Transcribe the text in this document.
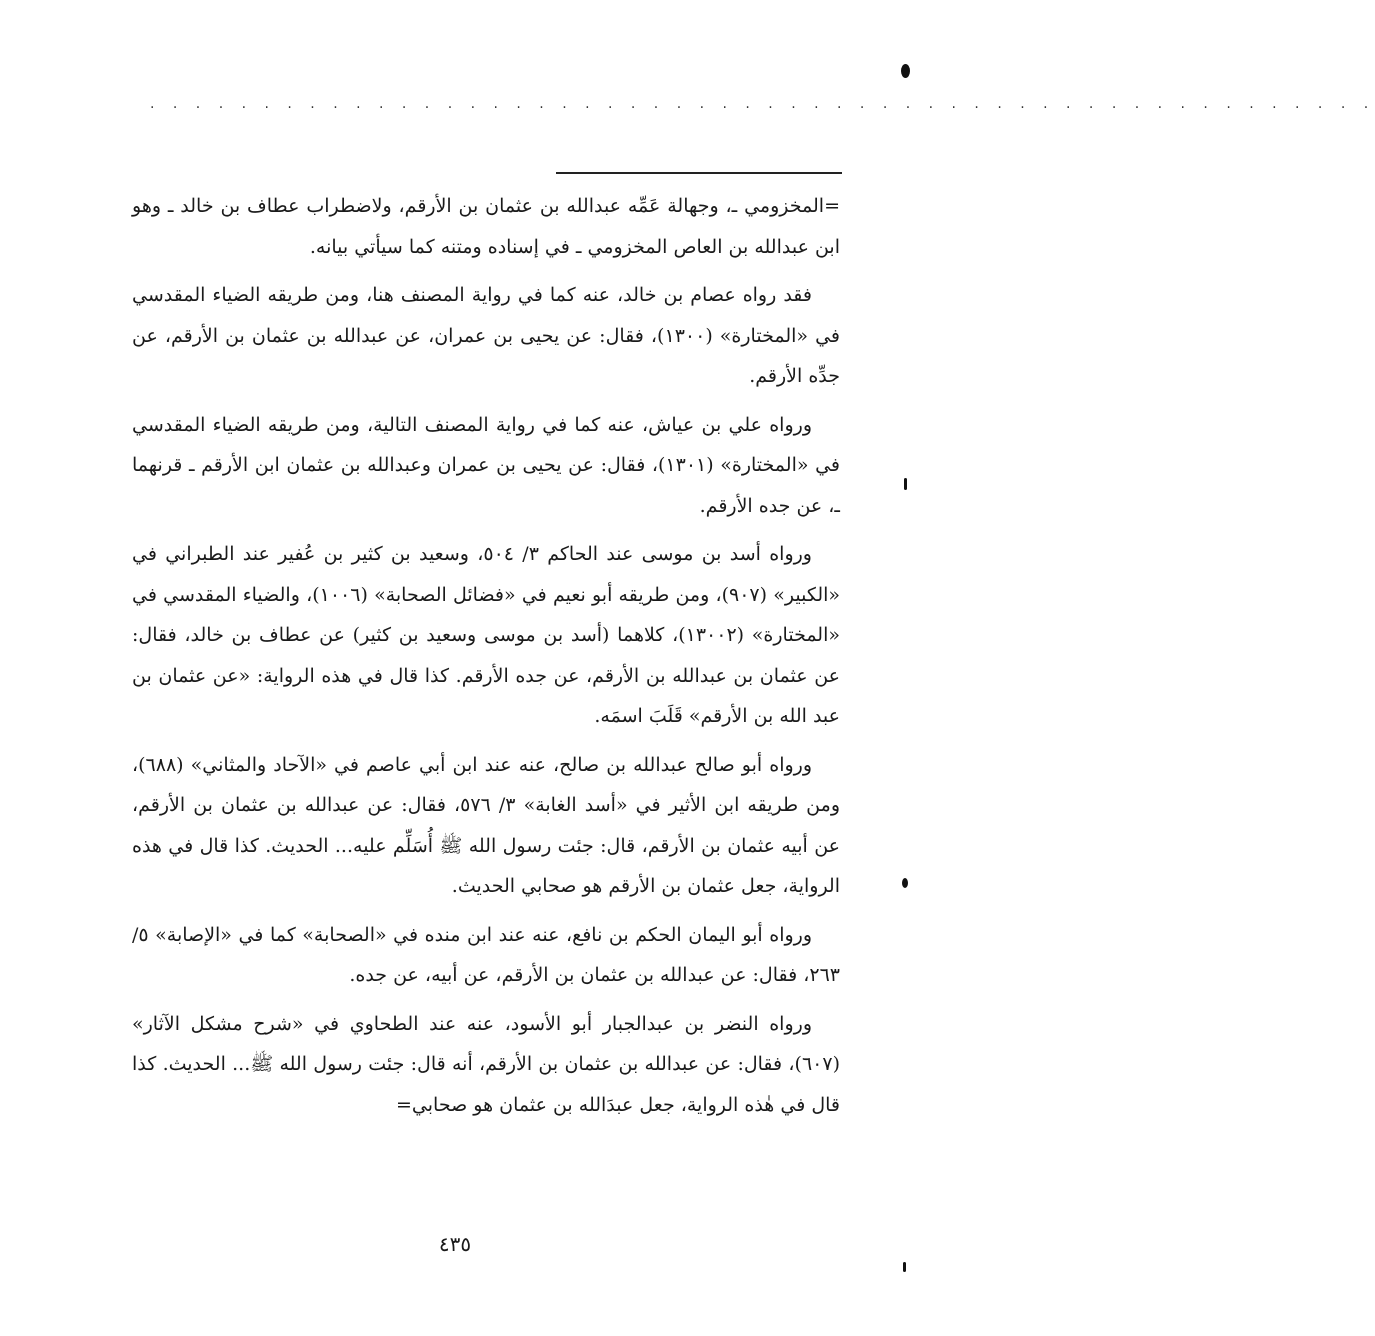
. . . . . . . . . . . . . . . . . . . . . . . . . . . . . . . . . . . . . . . . . . . . . . . . . . . . . .

=المخزومي ـ، وجهالة عَمِّه عبدالله بن عثمان بن الأرقم، ولاضطراب عطاف بن خالد ـ وهو ابن عبدالله بن العاص المخزومي ـ في إسناده ومتنه كما سيأتي بيانه.

فقد رواه عصام بن خالد، عنه كما في رواية المصنف هنا، ومن طريقه الضياء المقدسي في «المختارة» (١٣٠٠)، فقال: عن يحيى بن عمران، عن عبدالله بن عثمان بن الأرقم، عن جدِّه الأرقم.

ورواه علي بن عياش، عنه كما في رواية المصنف التالية، ومن طريقه الضياء المقدسي في «المختارة» (١٣٠١)، فقال: عن يحيى بن عمران وعبدالله بن عثمان ابن الأرقم ـ قرنهما ـ، عن جده الأرقم.

ورواه أسد بن موسى عند الحاكم ٣/ ٥٠٤، وسعيد بن كثير بن عُفير عند الطبراني في «الكبير» (٩٠٧)، ومن طريقه أبو نعيم في «فضائل الصحابة» (١٠٠٦)، والضياء المقدسي في «المختارة» (١٣٠٠٢)، كلاهما (أسد بن موسى وسعيد بن كثير) عن عطاف بن خالد، فقال: عن عثمان بن عبدالله بن الأرقم، عن جده الأرقم. كذا قال في هذه الرواية: «عن عثمان بن عبد الله بن الأرقم» قَلَبَ اسمَه.

ورواه أبو صالح عبدالله بن صالح، عنه عند ابن أبي عاصم في «الآحاد والمثاني» (٦٨٨)، ومن طريقه ابن الأثير في «أسد الغابة» ٣/ ٥٧٦، فقال: عن عبدالله بن عثمان بن الأرقم، عن أبيه عثمان بن الأرقم، قال: جئت رسول الله ﷺ أُسَلِّم عليه... الحديث. كذا قال في هذه الرواية، جعل عثمان بن الأرقم هو صحابي الحديث.

ورواه أبو اليمان الحكم بن نافع، عنه عند ابن منده في «الصحابة» كما في «الإصابة» ٥/ ٢٦٣، فقال: عن عبدالله بن عثمان بن الأرقم، عن أبيه، عن جده.

ورواه النضر بن عبدالجبار أبو الأسود، عنه عند الطحاوي في «شرح مشكل الآثار» (٦٠٧)، فقال: عن عبدالله بن عثمان بن الأرقم، أنه قال: جئت رسول الله ﷺ... الحديث. كذا قال في هٰذه الرواية، جعل عبدَالله بن عثمان هو صحابي=

٤٣٥
